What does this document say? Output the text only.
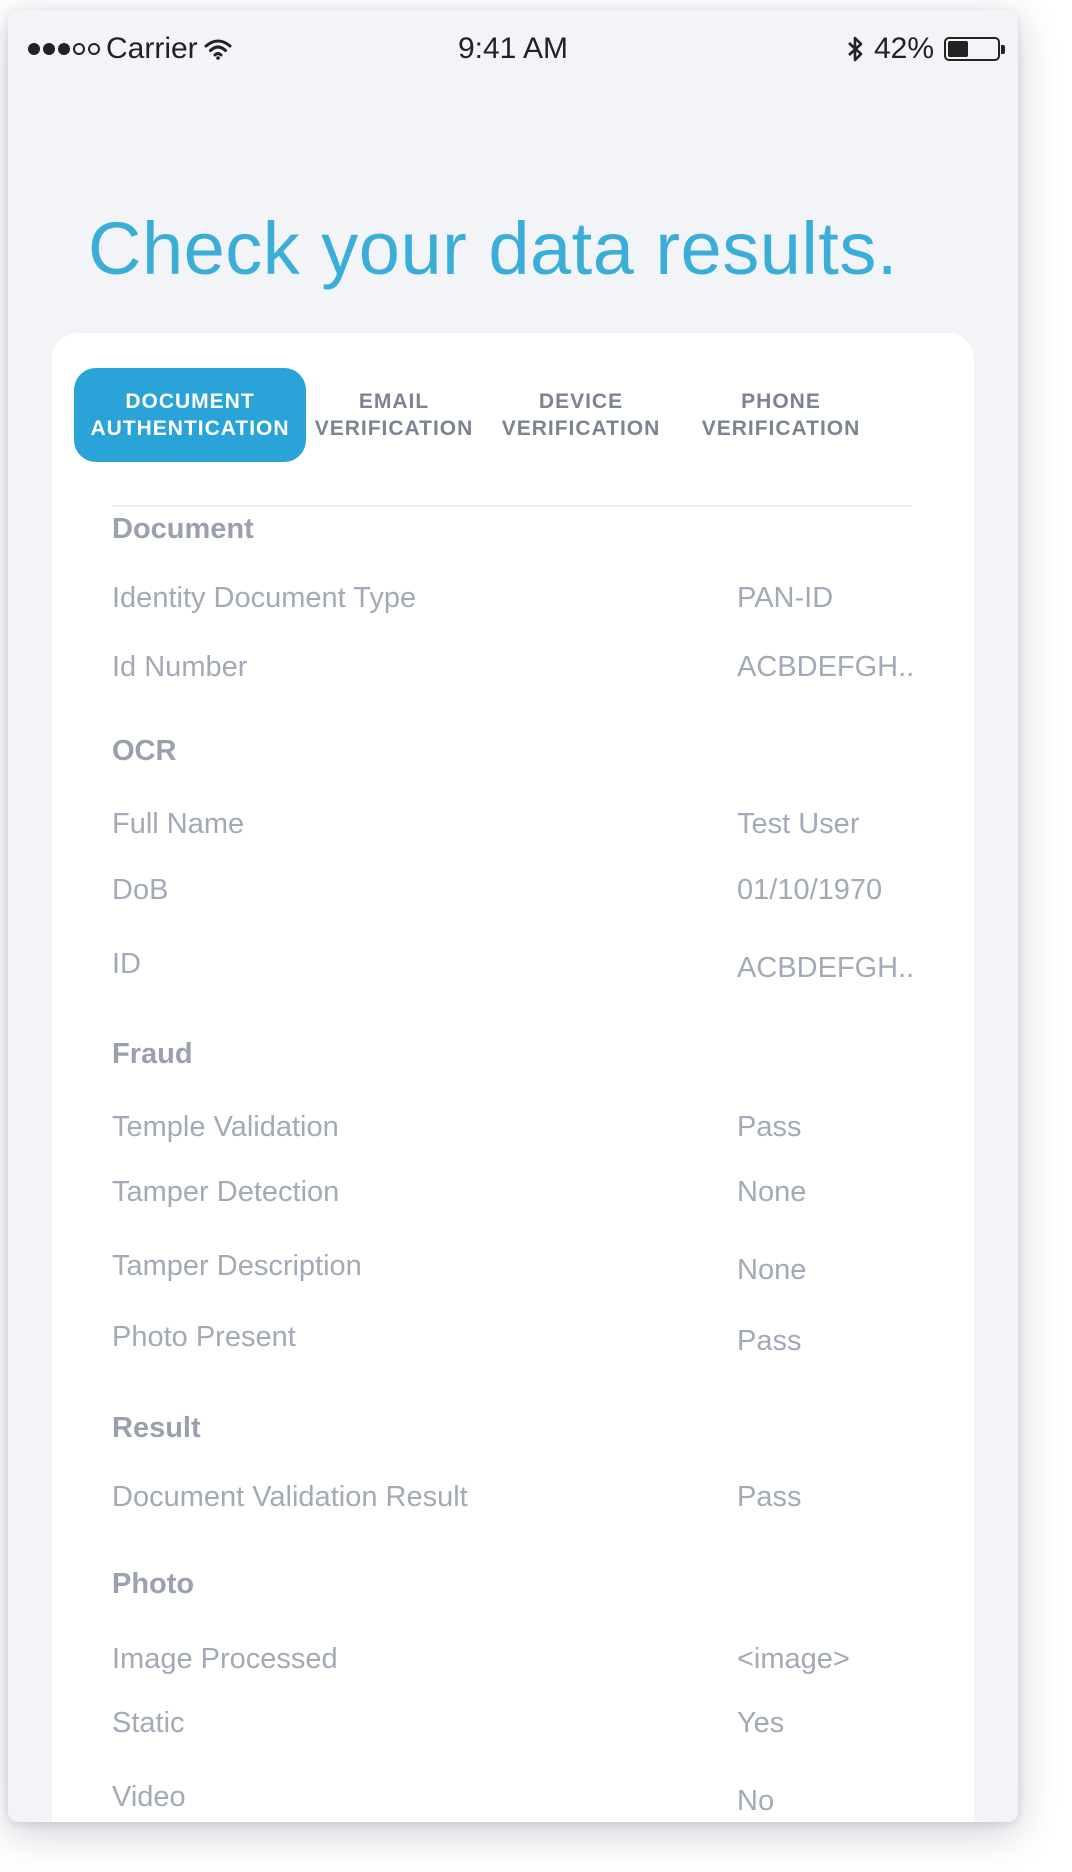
Carrier	9:41 AM	42%
Check your data results.
DOCUMENT
AUTHENTICATION
EMAIL
VERIFICATION
DEVICE
VERIFICATION
PHONE
VERIFICATION
Document
Identity Document Type	PAN-ID
Id Number	ACBDEFGH..
OCR
Full Name	Test User
DoB	01/10/1970
ID	ACBDEFGH..
Fraud
Temple Validation	Pass
Tamper Detection	None
Tamper Description	None
Photo Present	Pass
Result
Document Validation Result	Pass
Photo
Image Processed	<image>
Static	Yes
Video	No
